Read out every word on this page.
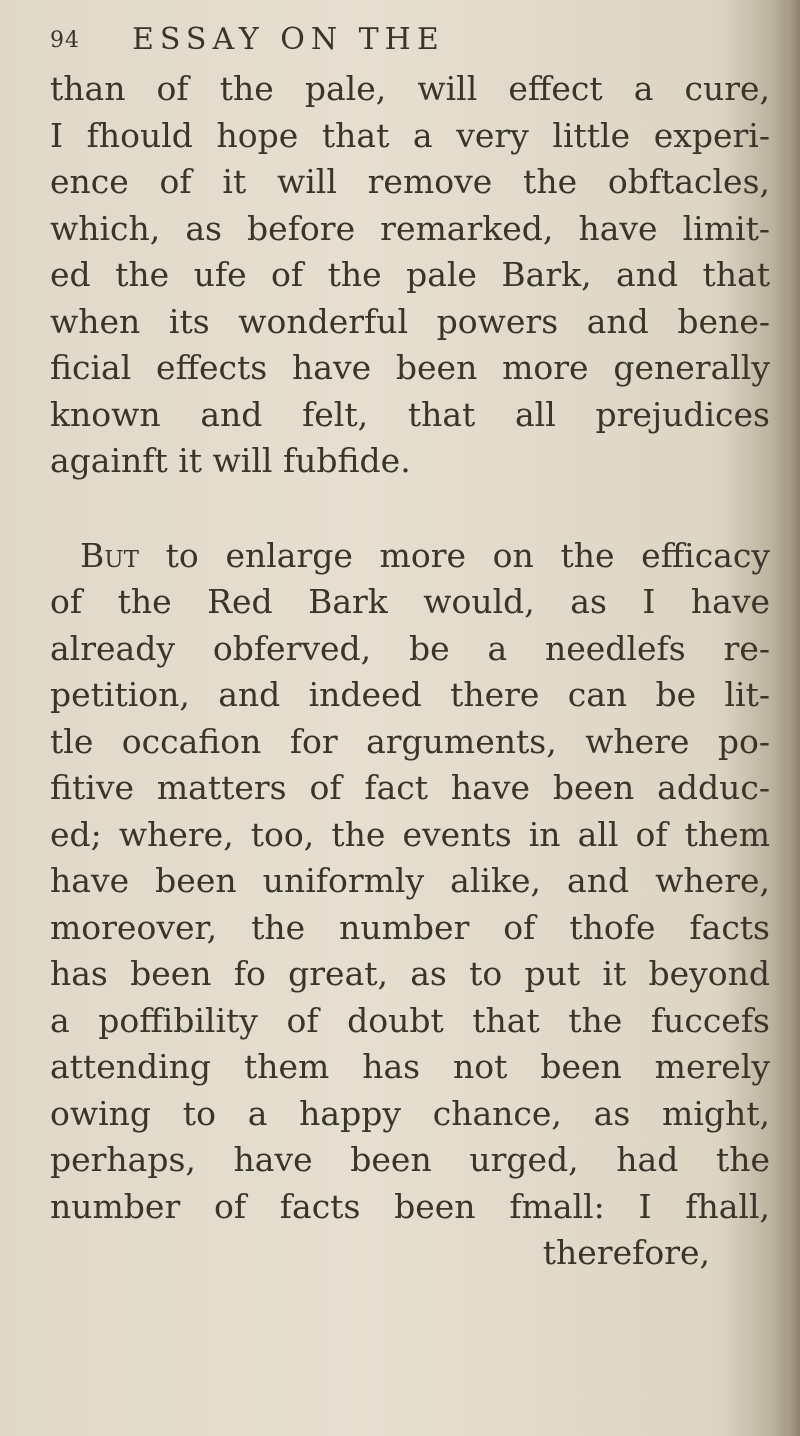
94 ESSAY ON THE
than of the pale, will effect a cure,
I fhould hope that a very little experi-
ence of it will remove the obftacles,
which, as before remarked, have limit-
ed the ufe of the pale Bark, and that
when its wonderful powers and bene-
ficial effects have been more generally
known and felt, that all prejudices
againft it will fubfide.
But to enlarge more on the efficacy
of the Red Bark would, as I have
already obferved, be a needlefs re-
petition, and indeed there can be lit-
tle occafion for arguments, where po-
fitive matters of fact have been adduc-
ed; where, too, the events in all of them
have been uniformly alike, and where,
moreover, the number of thofe facts
has been fo great, as to put it beyond
a poffibility of doubt that the fuccefs
attending them has not been merely
owing to a happy chance, as might,
perhaps, have been urged, had the
number of facts been fmall: I fhall,
therefore,
